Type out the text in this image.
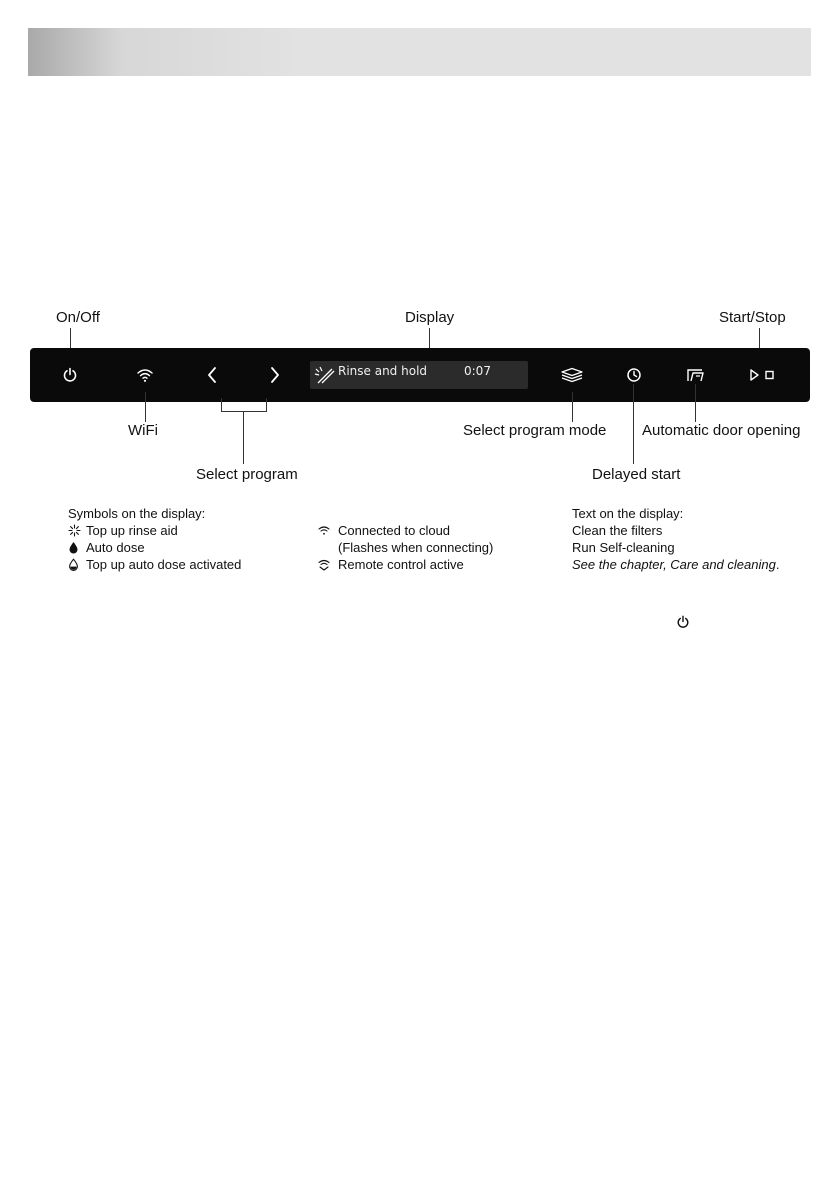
On/Off	Display	Start/Stop
Rinse and hold	0:07
WiFi	Select program mode Automatic door opening
Select program	Delayed start
Symbols on the display:
Top up rinse aid
Auto dose
Top up auto dose activated
Connected to cloud
(Flashes when connecting)
Remote control active
Text on the display:
Clean the filters
Run Self-cleaning
See the chapter, Care and cleaning.
